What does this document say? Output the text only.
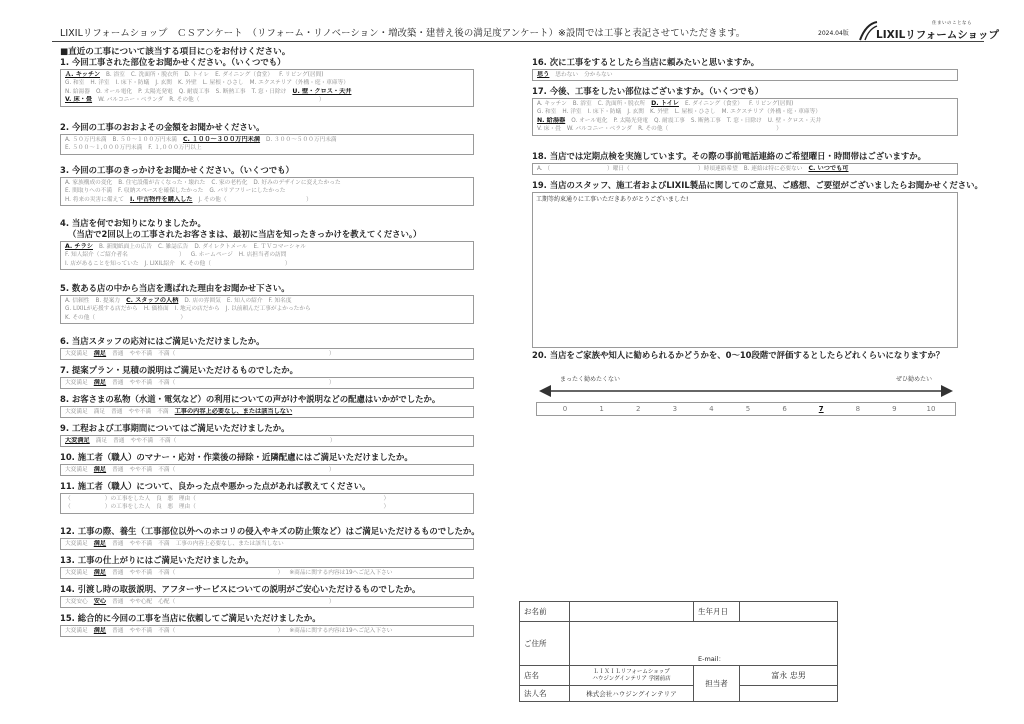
LIXILリフォームショップ　ＣＳアンケート　（リフォーム・リノベーション・増改築・建替え後の満足度アンケート）※設問では工事と表記させていただきます。	2024.04版
住まいのことなら
LIXILリフォームショップ
■直近の工事について該当する項目に○をお付けください。
1. 今回工事された部位をお聞かせください。（いくつでも）
Ａ. キッチン B. 浴室 C. 洗面所・脱衣所 D. トイレ E. ダイニング（食堂） F. リビング(居間)
G. 和室 H. 洋室 I. 床下・防蟻 J. 玄関 K. 外壁 L. 屋根・ひさし M. エクステリア（外構・庭・車庫等）
N. 給湯器 O. オール電化 P. 太陽光発電 Q. 耐震工事 S. 断熱工事 T. 窓・日除け U. 壁・クロス・天井
V. 床・畳 W. バルコニー・ベランダ R. その他（　　　　　　　　　　　　　　　　　　　　　）
2. 今回の工事のおおよその金額をお聞かせください。
A. ５０万円未満 B. ５０～１００万円未満 C. １００～３００万円未満 D. ３００～５００万円未満
E. ５００～１,０００万円未満 F. １,０００万円以上
3. 今回の工事のきっかけをお聞かせください。（いくつでも）
A. 家族構成の変化 B. 住宅設備が古くなった・壊れた C. 家の老朽化 D. 好みのデザインに変えたかった
E. 間取りへの不満 F. 収納スペースを確保したかった G. バリアフリーにしたかった
H. 将来の災害に備えて I. 中古物件を購入した J. その他（　　　　　　　　　　　　　　）
4. 当店を何でお知りになりましたか。
（当店で2回以上の工事されたお客さまは、最初に当店を知ったきっかけを教えてください。）
A. チラシ B. 新聞紙面上の広告 C. 雑誌広告 D. ダイレクトメール E. ＴＶコマーシャル
F. 知人紹介（ご紹介者名　　　　　　　　　） G. ホームページ H. 店担当者の訪問
I. 店があることを知っていた J. LIXIL紹介 K. その他（　　　　　　　　　　　　　）
5. 数ある店の中から当店を選ばれた理由をお聞かせ下さい。
A. 信頼性 B. 提案力 C. スタッフの人柄 D. 店の雰囲気 E. 知人の紹介 F. 知名度
G. LIXILが応援する店だから H. 価格面 I. 地元の店だから J. 以前頼んだ工事がよかったから
K. その他（　　　　　　　　　　　　　　　）
6. 当店スタッフの応対にはご満足いただけましたか。
大変満足 満足 普通 やや不満 不満（　　　　　　　　　　　　　　　　　　　　　　　　　　　）
7. 提案プラン・見積の説明はご満足いただけるものでしたか。
大変満足 満足 普通 やや不満 不満（　　　　　　　　　　　　　　　　　　　　　　　　　　　）
8. お客さまの私物（水道・電気など）の利用についての声がけや説明などの配慮はいかがでしたか。
大変満足 満足 普通 やや不満 不満 工事の内容上必要なし、または該当しない
9. 工程および工事期間についてはご満足いただけましたか。
大変満足 満足 普通 やや不満 不満（　　　　　　　　　　　　　　　　　　　　　　　　　　　）
10. 施工者（職人）のマナー・応対・作業後の掃除・近隣配慮にはご満足いただけましたか。
大変満足 満足 普通 やや不満 不満（　　　　　　　　　　　　　　　　　　　　　　　　　　　）
11. 施工者（職人）について、良かった点や悪かった点があれば教えてください。
（　　　　　　）の工事をした人　良　悪　理由（　　　　　　　　　　　　　　　　　　　　　　　　　　　　　　　　　）
（　　　　　　）の工事をした人　良　悪　理由（　　　　　　　　　　　　　　　　　　　　　　　　　　　　　　　　　）
12. 工事の際、養生（工事部位以外へのホコリの侵入やキズの防止策など）はご満足いただけるものでしたか。
大変満足 満足 普通 やや不満 不満 工事の内容上必要なし、または該当しない
13. 工事の仕上がりにはご満足いただけましたか。
大変満足 満足 普通 やや不満 不満（　　　　　　　　　　　　　　　　　　） ※商品に関する内容は19へご記入下さい
14. 引渡し時の取扱説明、アフターサービスについての説明がご安心いただけるものでしたか。
大変安心 安心 普通 やや心配 心配（　　　　　　　　　　　　　　　　　　　　　　　　　　　）
15. 総合的に今回の工事を当店に依頼してご満足いただけましたか。
大変満足 満足 普通 やや不満 不満（　　　　　　　　　　　　　　　　　　） ※商品に関する内容は19へご記入下さい
16. 次に工事をするとしたら当店に頼みたいと思いますか。
思う 思わない 分からない
17. 今後、工事をしたい部位はございますか。（いくつでも）
A. キッチン B. 浴室 C. 洗面所・脱衣所 D. トイレ E. ダイニング（食堂） F. リビング(居間)
G. 和室 H. 洋室 I. 床下・防蟻 J. 玄関 K. 外壁 L. 屋根・ひさし M. エクステリア（外構・庭・車庫等）
N. 給湯器 O. オール電化 P. 太陽光発電 Q. 耐震工事 S. 断熱工事 T. 窓・日除け U. 壁・クロス・天井
V. 床・畳 W. バルコニー・ベランダ R. その他（　　　　　　　　　　　　　　　　　　　）
18. 当店では定期点検を実施しています。その際の事前電話連絡のご希望曜日・時間帯はございますか。
A. （　　　　　　　　　　）曜日（　　　　　　　　　　　　）時頃連絡希望 B. 連絡は特に必要ない C. いつでも可
19. 当店のスタッフ、施工者およびLIXIL製品に関してのご意見、ご感想、ご要望がございましたらお聞かせください。
工期等約束通りに工事いただきありがとうございました!
20. 当店をご家族や知人に勧められるかどうかを、0～10段階で評価するとしたらどれくらいになりますか？
まったく勧めたくない	ぜひ勧めたい
0	1	2	3	4	5	6	7	8	9	10
お名前		生年月日	
ご住所	E-mail：		
店名	ＬＩＸＩＬリフォームショップ
ハウジングインテリア 学園前店	担当者	富永 忠男
法人名	株式会社ハウジングインテリア		
